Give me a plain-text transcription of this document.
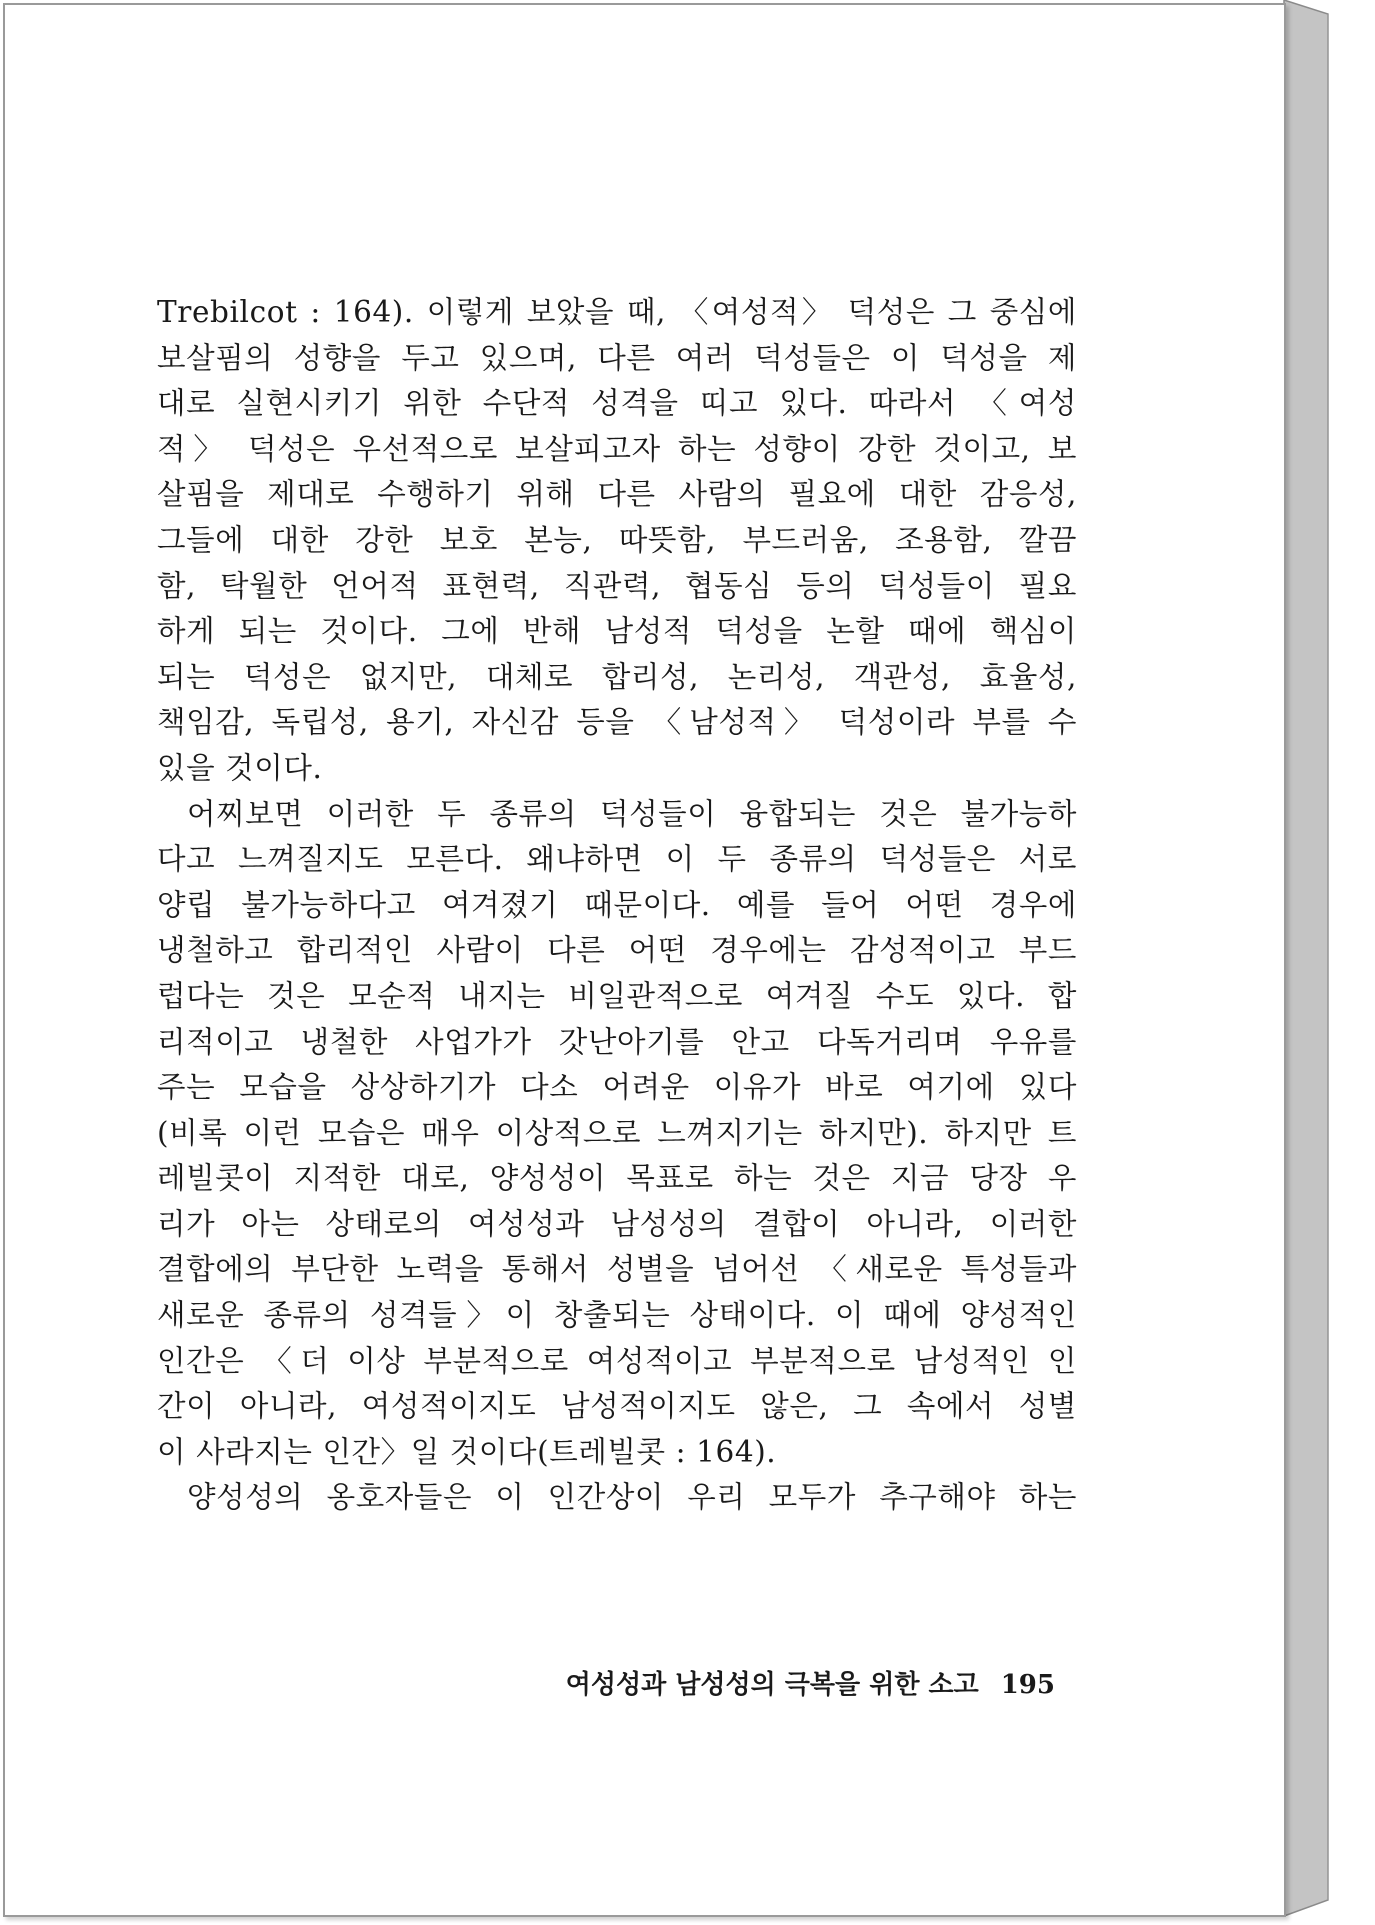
Trebilcot : 164). 이렇게 보았을 때, 〈여성적〉 덕성은 그 중심에
보살핌의 성향을 두고 있으며, 다른 여러 덕성들은 이 덕성을 제
대로 실현시키기 위한 수단적 성격을 띠고 있다. 따라서 〈여성
적〉 덕성은 우선적으로 보살피고자 하는 성향이 강한 것이고, 보
살핌을 제대로 수행하기 위해 다른 사람의 필요에 대한 감응성,
그들에 대한 강한 보호 본능, 따뜻함, 부드러움, 조용함, 깔끔
함, 탁월한 언어적 표현력, 직관력, 협동심 등의 덕성들이 필요
하게 되는 것이다. 그에 반해 남성적 덕성을 논할 때에 핵심이
되는 덕성은 없지만, 대체로 합리성, 논리성, 객관성, 효율성,
책임감, 독립성, 용기, 자신감 등을 〈남성적〉 덕성이라 부를 수
있을 것이다.
어찌보면 이러한 두 종류의 덕성들이 융합되는 것은 불가능하
다고 느껴질지도 모른다. 왜냐하면 이 두 종류의 덕성들은 서로
양립 불가능하다고 여겨졌기 때문이다. 예를 들어 어떤 경우에
냉철하고 합리적인 사람이 다른 어떤 경우에는 감성적이고 부드
럽다는 것은 모순적 내지는 비일관적으로 여겨질 수도 있다. 합
리적이고 냉철한 사업가가 갓난아기를 안고 다독거리며 우유를
주는 모습을 상상하기가 다소 어려운 이유가 바로 여기에 있다
(비록 이런 모습은 매우 이상적으로 느껴지기는 하지만). 하지만 트
레빌콧이 지적한 대로, 양성성이 목표로 하는 것은 지금 당장 우
리가 아는 상태로의 여성성과 남성성의 결합이 아니라, 이러한
결합에의 부단한 노력을 통해서 성별을 넘어선 〈새로운 특성들과
새로운 종류의 성격들〉이 창출되는 상태이다. 이 때에 양성적인
인간은 〈더 이상 부분적으로 여성적이고 부분적으로 남성적인 인
간이 아니라, 여성적이지도 남성적이지도 않은, 그 속에서 성별
이 사라지는 인간〉일 것이다(트레빌콧 : 164).
양성성의 옹호자들은 이 인간상이 우리 모두가 추구해야 하는
여성성과 남성성의 극복을 위한 소고 195
